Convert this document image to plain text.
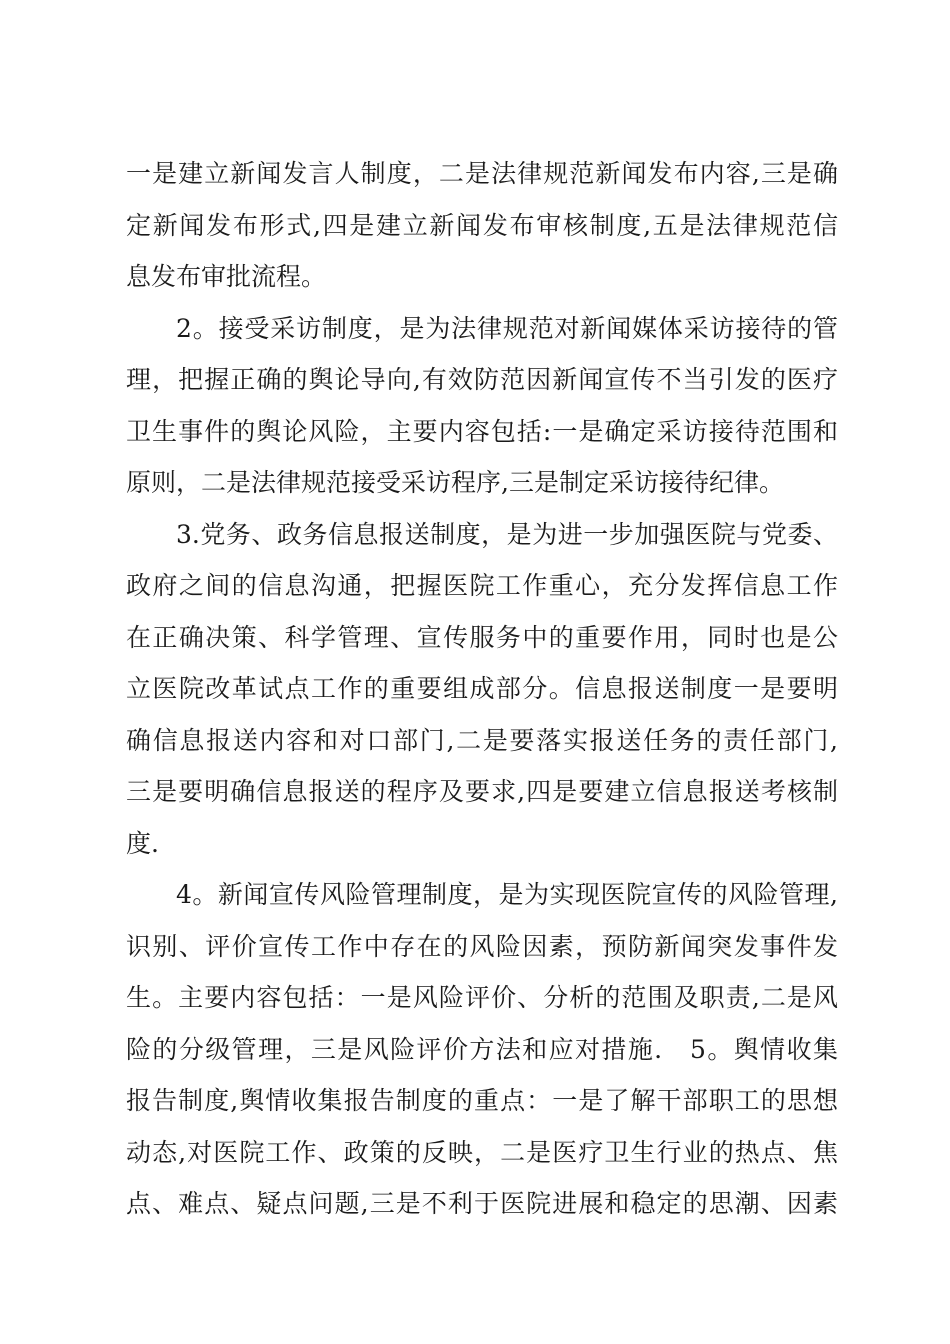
一是建立新闻发言人制度，二是法律规范新闻发布内容,三是确
定新闻发布形式,四是建立新闻发布审核制度,五是法律规范信
息发布审批流程。
2。接受采访制度，是为法律规范对新闻媒体采访接待的管
理，把握正确的舆论导向,有效防范因新闻宣传不当引发的医疗
卫生事件的舆论风险，主要内容包括:一是确定采访接待范围和
原则，二是法律规范接受采访程序,三是制定采访接待纪律。
3.党务、政务信息报送制度，是为进一步加强医院与党委、
政府之间的信息沟通，把握医院工作重心，充分发挥信息工作
在正确决策、科学管理、宣传服务中的重要作用，同时也是公
立医院改革试点工作的重要组成部分。信息报送制度一是要明
确信息报送内容和对口部门,二是要落实报送任务的责任部门,
三是要明确信息报送的程序及要求,四是要建立信息报送考核制
度.
4。新闻宣传风险管理制度，是为实现医院宣传的风险管理,
识别、评价宣传工作中存在的风险因素，预防新闻突发事件发
生。主要内容包括：一是风险评价、分析的范围及职责,二是风
险的分级管理，三是风险评价方法和应对措施． 5。舆情收集
报告制度,舆情收集报告制度的重点：一是了解干部职工的思想
动态,对医院工作、政策的反映，二是医疗卫生行业的热点、焦
点、难点、疑点问题,三是不利于医院进展和稳定的思潮、因素
